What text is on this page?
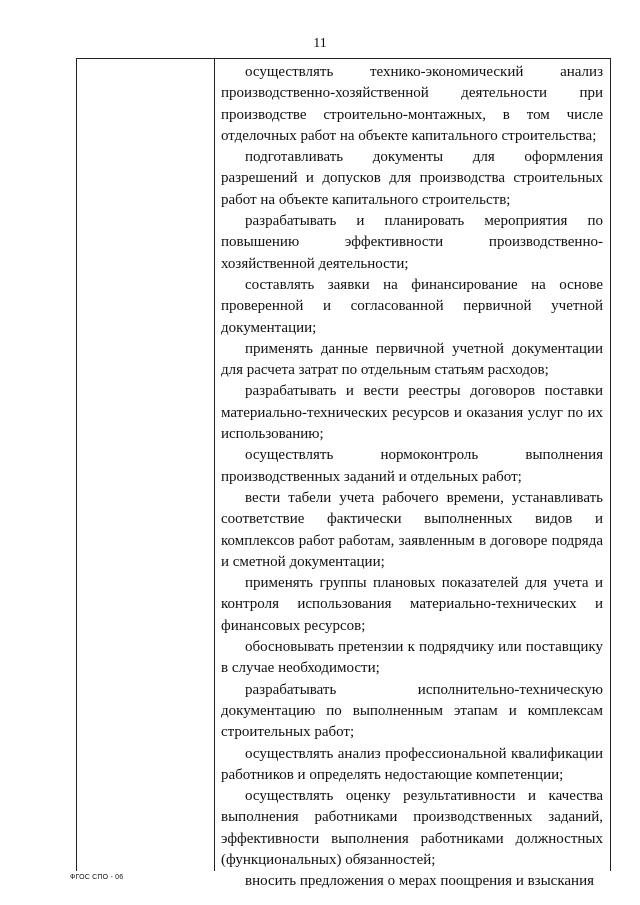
11

осуществлять технико-экономический анализ производственно-хозяйственной деятельности при производстве строительно-монтажных, в том числе отделочных работ на объекте капитального строительства;

подготавливать документы для оформления разрешений и допусков для производства строительных работ на объекте капитального строительств;

разрабатывать и планировать мероприятия по повышению эффективности производственно-хозяйственной деятельности;

составлять заявки на финансирование на основе проверенной и согласованной первичной учетной документации;

применять данные первичной учетной документации для расчета затрат по отдельным статьям расходов;

разрабатывать и вести реестры договоров поставки материально-технических ресурсов и оказания услуг по их использованию;

осуществлять нормоконтроль выполнения производственных заданий и отдельных работ;

вести табели учета рабочего времени, устанавливать соответствие фактически выполненных видов и комплексов работ работам, заявленным в договоре подряда и сметной документации;

применять группы плановых показателей для учета и контроля использования материально-технических и финансовых ресурсов;

обосновывать претензии к подрядчику или поставщику в случае необходимости;

разрабатывать исполнительно-техническую документацию по выполненным этапам и комплексам строительных работ;

осуществлять анализ профессиональной квалификации работников и определять недостающие компетенции;

осуществлять оценку результативности и качества выполнения работниками производственных заданий, эффективности выполнения работниками должностных (функциональных) обязанностей;

вносить предложения о мерах поощрения и взыскания

ФГОС СПО - 06
